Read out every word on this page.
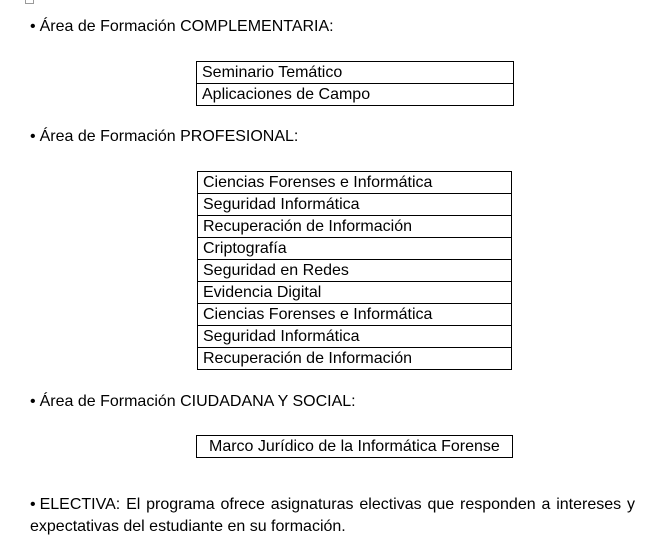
• Área de Formación COMPLEMENTARIA:
Seminario Temático
Aplicaciones de Campo
• Área de Formación PROFESIONAL:
Ciencias Forenses e Informática
Seguridad Informática
Recuperación de Información
Criptografía
Seguridad en Redes
Evidencia Digital
Ciencias Forenses e Informática
Seguridad Informática
Recuperación de Información
• Área de Formación CIUDADANA Y SOCIAL:
Marco Jurídico de la Informática Forense
• ELECTIVA: El programa ofrece asignaturas electivas que responden a intereses y expectativas del estudiante en su formación.
